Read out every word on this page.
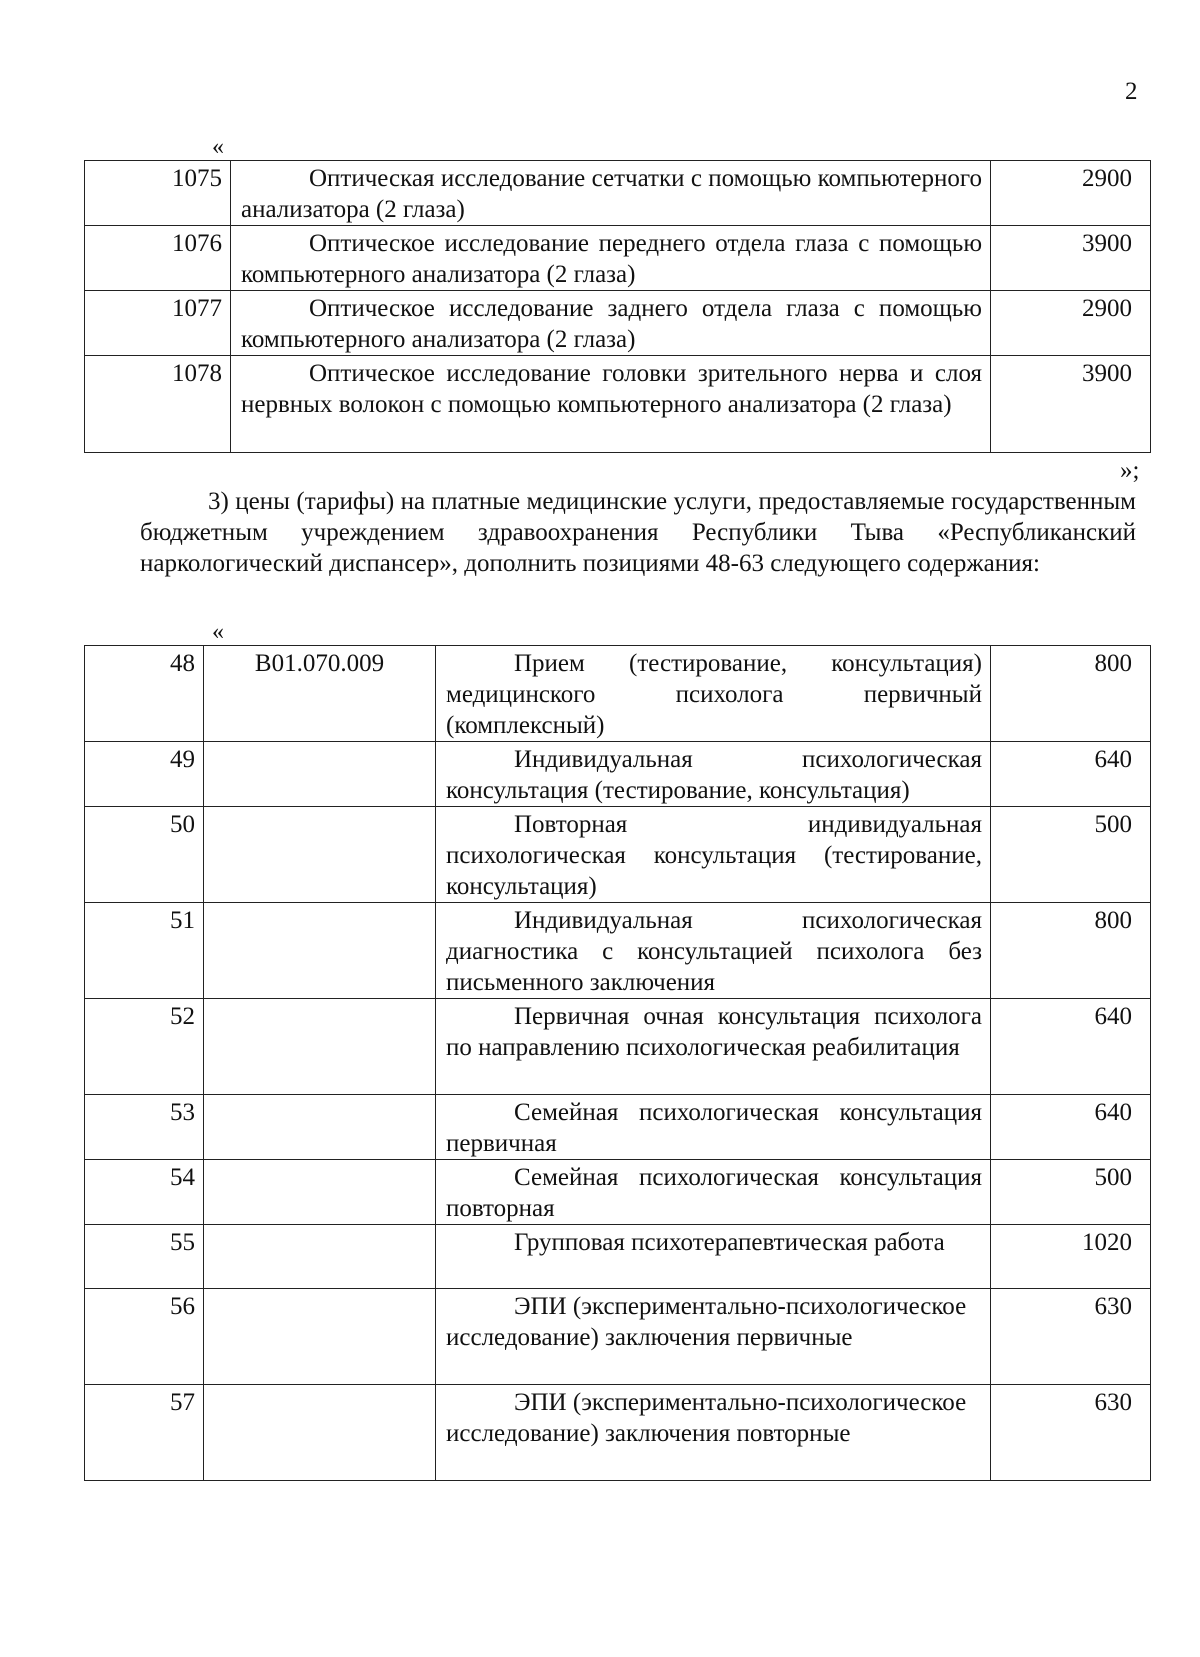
2
«
1075	Оптическая исследование сетчатки с помощью компьютерного анализатора (2 глаза)	2900
1076	Оптическое исследование переднего отдела глаза с помощью компьютерного анализатора (2 глаза)	3900
1077	Оптическое исследование заднего отдела глаза с помощью компьютерного анализатора (2 глаза)	2900
1078	Оптическое исследование головки зрительного нерва и слоя нервных волокон с помощью компьютерного анализатора (2 глаза)	3900
»;
3) цены (тарифы) на платные медицинские услуги, предоставляемые государственным бюджетным учреждением здравоохранения Республики Тыва «Республиканский наркологический диспансер», дополнить позициями 48-63 следующего содержания:
«
48	В01.070.009	Прием (тестирование, консультация) медицинского психолога первичный (комплексный)	800
49		Индивидуальная психологическая консультация (тестирование, консультация)	640
50		Повторная индивидуальная психологическая консультация (тестирование, консультация)	500
51		Индивидуальная психологическая диагностика с консультацией психолога без письменного заключения	800
52		Первичная очная консультация психолога по направлению психологическая реабилитация	640
53		Семейная психологическая консультация первичная	640
54		Семейная психологическая консультация повторная	500
55		Групповая психотерапевтическая работа	1020
56		ЭПИ (экспериментально-психологическое исследование) заключения первичные	630
57		ЭПИ (экспериментально-психологическое исследование) заключения повторные	630
